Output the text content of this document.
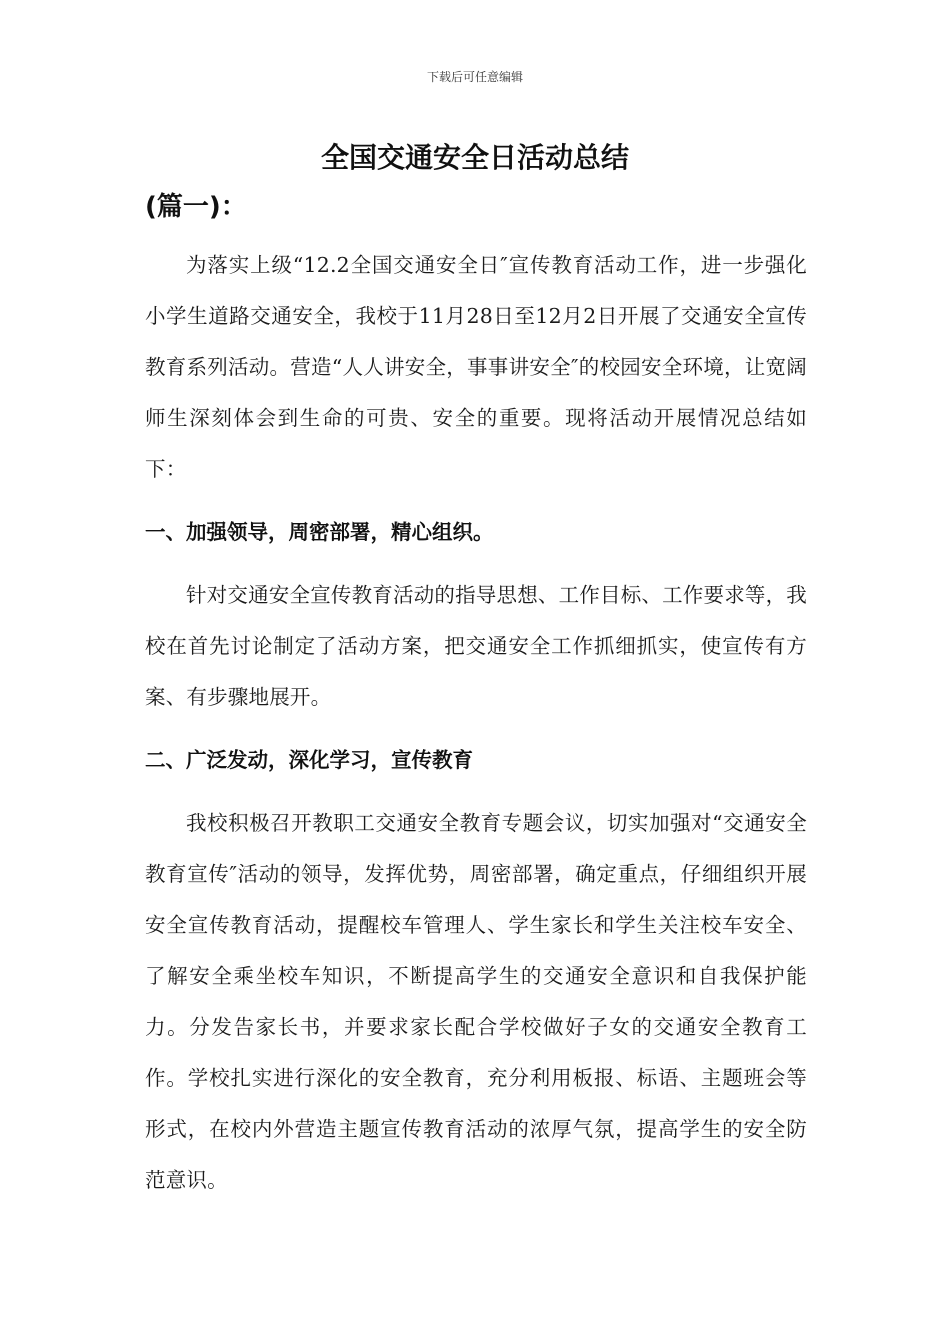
下载后可任意编辑
全国交通安全日活动总结
(篇一)：

为落实上级“12.2全国交通安全日″宣传教育活动工作，进一步强化小学生道路交通安全，我校于11月28日至12月2日开展了交通安全宣传教育系列活动。营造“人人讲安全，事事讲安全″的校园安全环境，让宽阔师生深刻体会到生命的可贵、安全的重要。现将活动开展情况总结如下：

一、加强领导，周密部署，精心组织。

针对交通安全宣传教育活动的指导思想、工作目标、工作要求等，我校在首先讨论制定了活动方案，把交通安全工作抓细抓实，使宣传有方案、有步骤地展开。

二、广泛发动，深化学习，宣传教育

我校积极召开教职工交通安全教育专题会议，切实加强对“交通安全教育宣传″活动的领导，发挥优势，周密部署，确定重点，仔细组织开展安全宣传教育活动，提醒校车管理人、学生家长和学生关注校车安全、了解安全乘坐校车知识，不断提高学生的交通安全意识和自我保护能力。分发告家长书，并要求家长配合学校做好子女的交通安全教育工作。学校扎实进行深化的安全教育，充分利用板报、标语、主题班会等形式，在校内外营造主题宣传教育活动的浓厚气氛，提高学生的安全防范意识。
